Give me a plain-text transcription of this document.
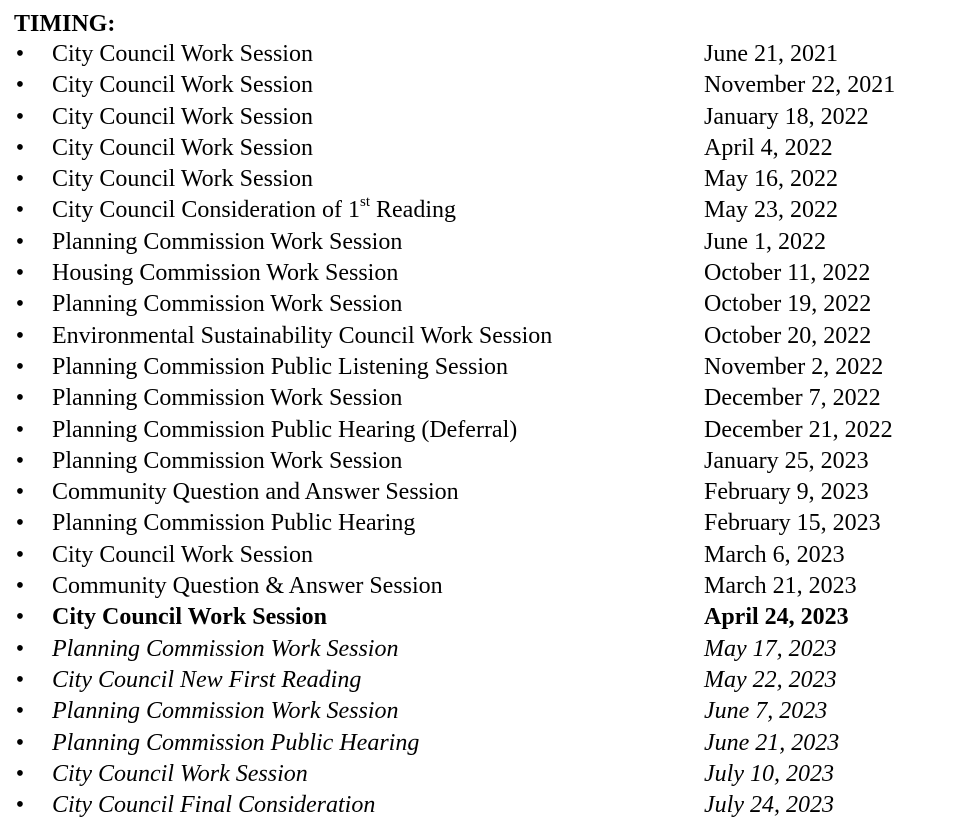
TIMING:
• City Council Work Session	June 21, 2021
• City Council Work Session	November 22, 2021
• City Council Work Session	January 18, 2022
• City Council Work Session	April 4, 2022
• City Council Work Session	May 16, 2022
• City Council Consideration of 1st Reading	May 23, 2022
• Planning Commission Work Session	June 1, 2022
• Housing Commission Work Session	October 11, 2022
• Planning Commission Work Session	October 19, 2022
• Environmental Sustainability Council Work Session	October 20, 2022
• Planning Commission Public Listening Session	November 2, 2022
• Planning Commission Work Session	December 7, 2022
• Planning Commission Public Hearing (Deferral)	December 21, 2022
• Planning Commission Work Session	January 25, 2023
• Community Question and Answer Session	February 9, 2023
• Planning Commission Public Hearing	February 15, 2023
• City Council Work Session	March 6, 2023
• Community Question & Answer Session	March 21, 2023
• City Council Work Session	April 24, 2023
• Planning Commission Work Session	May 17, 2023
• City Council New First Reading	May 22, 2023
• Planning Commission Work Session	June 7, 2023
• Planning Commission Public Hearing	June 21, 2023
• City Council Work Session	July 10, 2023
• City Council Final Consideration	July 24, 2023
